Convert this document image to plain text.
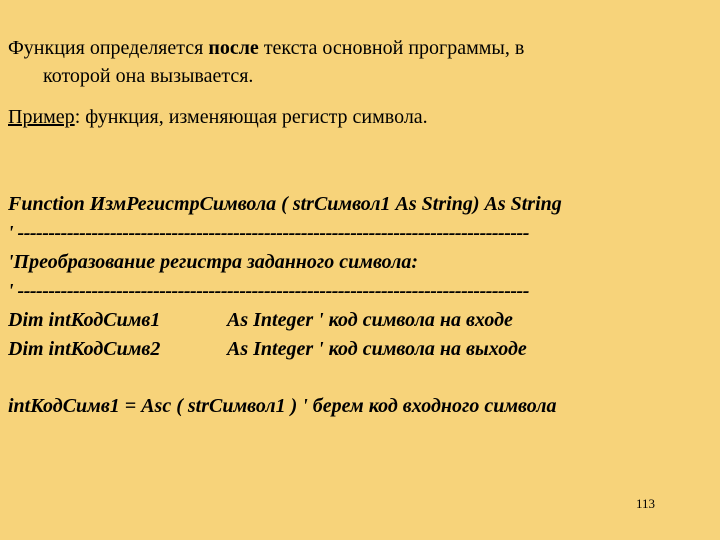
Функция определяется после текста основной программы, в
которой она вызывается.
Пример: функция, изменяющая регистр символа.
Function ИзмРегистрСимвола ( strСимвол1 As String) As String
' -----------------------------------------------------------------------------------
'Преобразование регистра заданного символа:
' -----------------------------------------------------------------------------------
Dim intКодСимв1	As Integer ' код символа на входе
Dim intКодСимв2	As Integer ' код символа на выходе
intКодСимв1 = Asc ( strСимвол1 ) ' берем код входного символа
113
